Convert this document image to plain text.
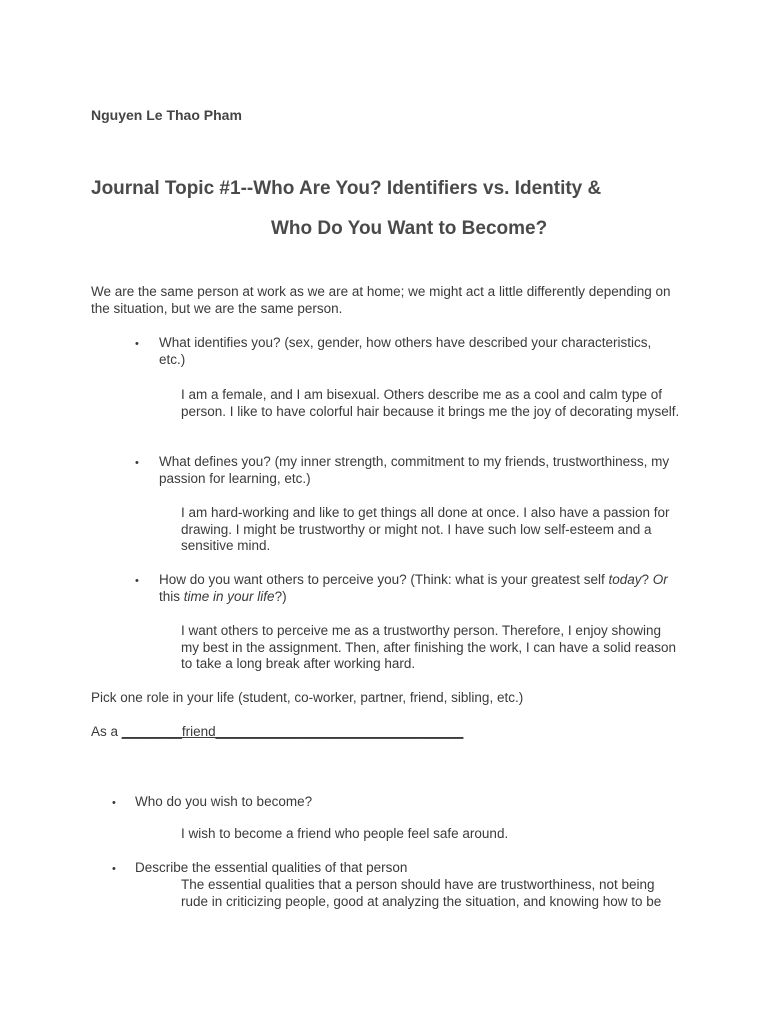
Nguyen Le Thao Pham
Journal Topic #1--Who Are You? Identifiers vs. Identity &
Who Do You Want to Become?
We are the same person at work as we are at home; we might act a little differently depending on the situation, but we are the same person.
• What identifies you? (sex, gender, how others have described your characteristics, etc.)
I am a female, and I am bisexual. Others describe me as a cool and calm type of person. I like to have colorful hair because it brings me the joy of decorating myself.
• What defines you? (my inner strength, commitment to my friends, trustworthiness, my passion for learning, etc.)
I am hard-working and like to get things all done at once. I also have a passion for drawing. I might be trustworthy or might not. I have such low self-esteem and a sensitive mind.
• How do you want others to perceive you? (Think: what is your greatest self today? Or this time in your life?)
I want others to perceive me as a trustworthy person. Therefore, I enjoy showing my best in the assignment. Then, after finishing the work, I can have a solid reason to take a long break after working hard.
Pick one role in your life (student, co-worker, partner, friend, sibling, etc.)
As a ________friend_________________________________
• Who do you wish to become?
I wish to become a friend who people feel safe around.
• Describe the essential qualities of that person
The essential qualities that a person should have are trustworthiness, not being rude in criticizing people, good at analyzing the situation, and knowing how to be
